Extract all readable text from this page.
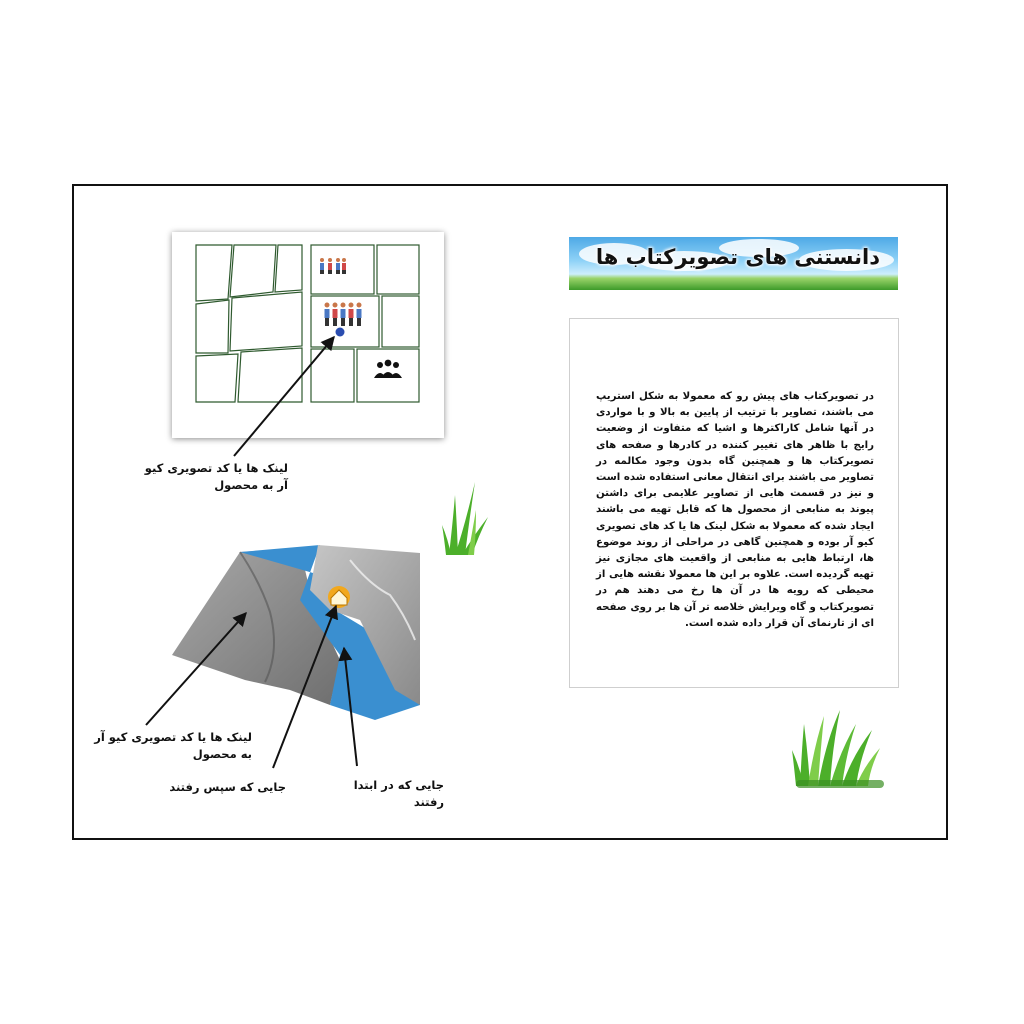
دانستنی های تصویرکتاب ها
در تصویرکتاب های پیش رو که معمولا به شکل استریپ می باشند، تصاویر با ترتیب از پایین به بالا و با مواردی در آنها شامل کاراکترها و اشیا که متفاوت از وضعیت رایج با ظاهر های تغییر کننده در کادرها و صفحه های تصویرکتاب ها و همچنین گاه بدون وجود مکالمه در تصاویر می باشند برای انتقال معانی استفاده شده است و نیز در قسمت هایی از تصاویر علایمی برای داشتن پیوند به منابعی از محصول ها که قابل تهیه می باشند ایجاد شده که معمولا به شکل لینک ها یا کد های تصویری کیو آر بوده و همچنین گاهی در مراحلی از روند موضوع ها، ارتباط هایی به منابعی از واقعیت های مجازی نیز تهیه گردیده است. علاوه بر این ها معمولا نقشه هایی از محیطی که رویه ها در آن ها رخ می دهند هم در تصویرکتاب و گاه ویرایش خلاصه تر آن ها بر روی صفحه ای از تارنمای آن قرار داده شده است.
لینک ها یا کد تصویری کیو آر به محصول
لینک ها یا کد تصویری کیو آر به محصول
جایی که سپس رفتند	جایی که در ابتدا رفتند
